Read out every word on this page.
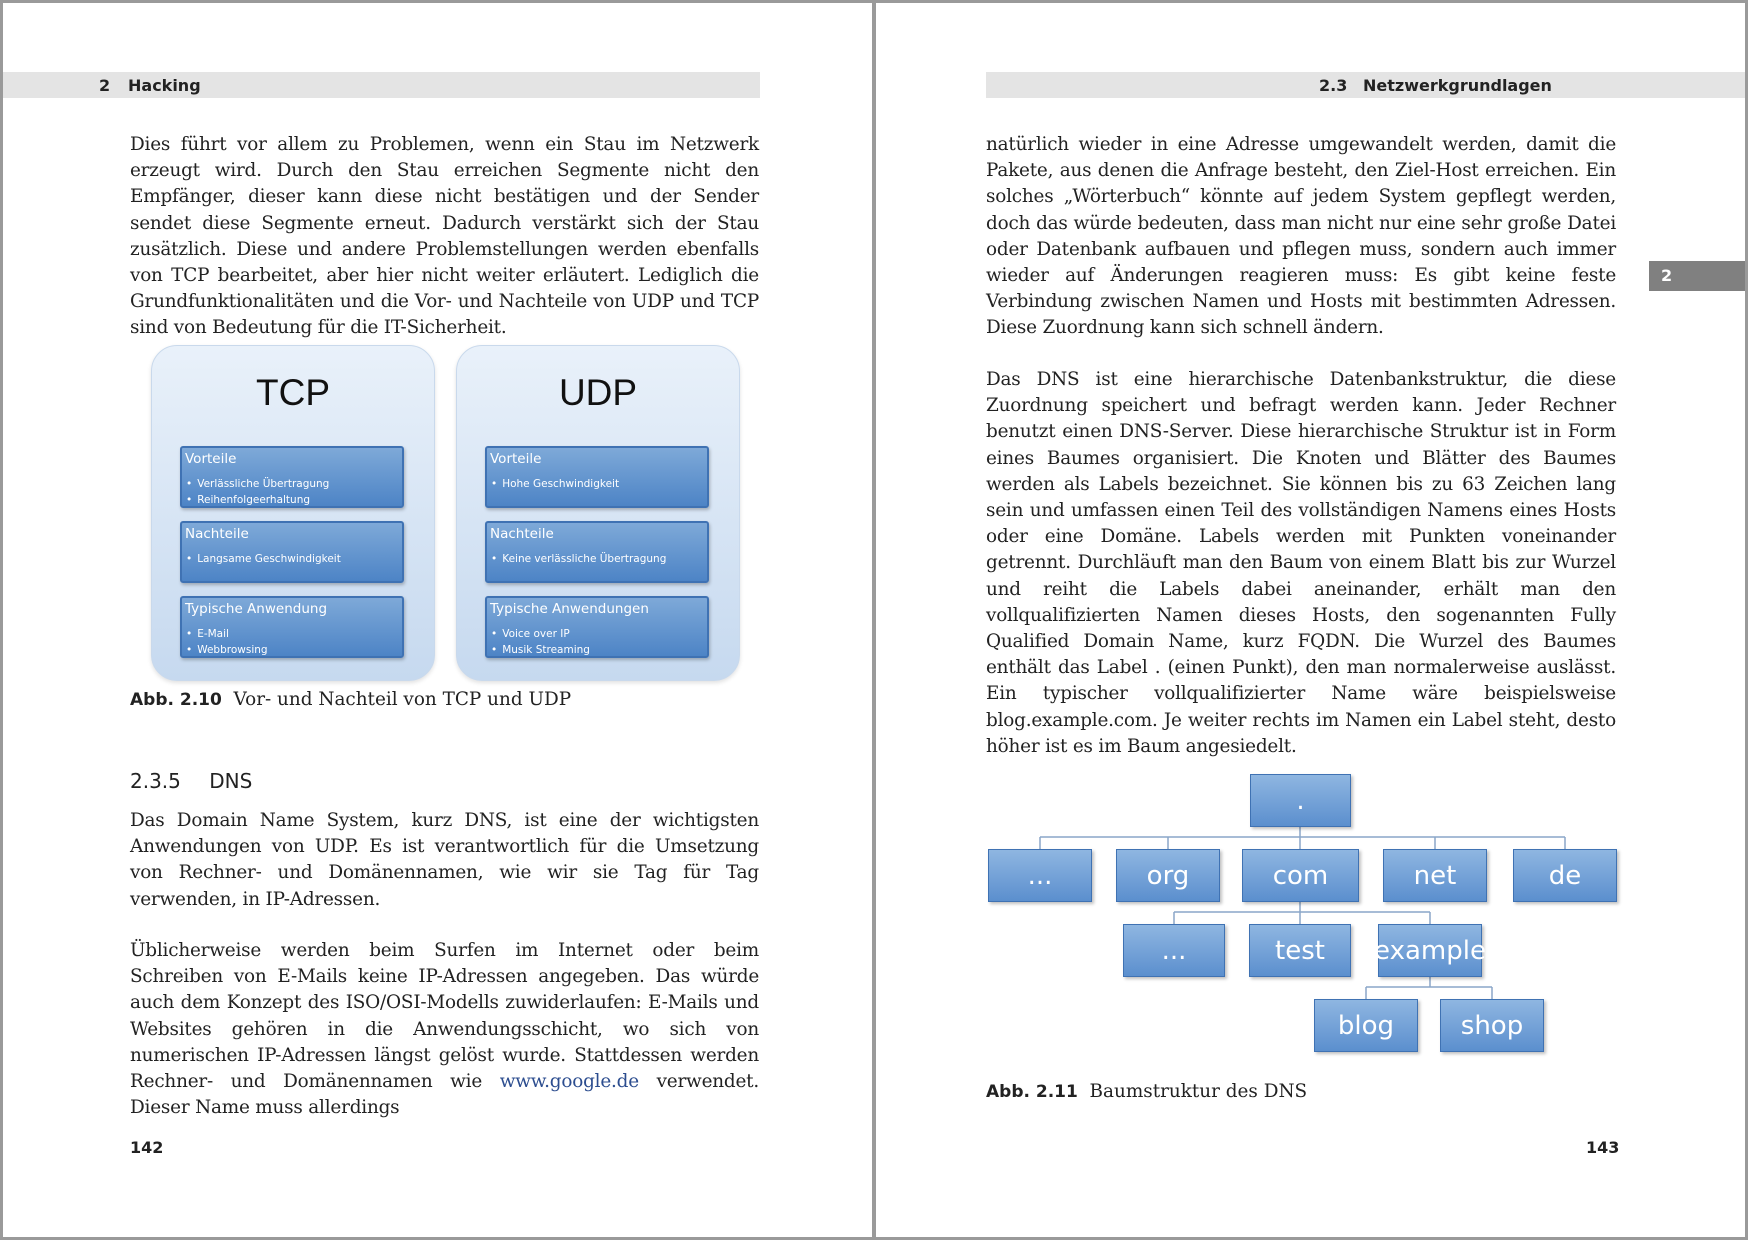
2 Hacking

Dies führt vor allem zu Problemen, wenn ein Stau im Netzwerk erzeugt wird. Durch den Stau erreichen Segmente nicht den Empfänger, dieser kann diese nicht bestätigen und der Sender sendet diese Segmente erneut. Dadurch verstärkt sich der Stau zusätzlich. Diese und andere Problemstellungen werden ebenfalls von TCP bearbeitet, aber hier nicht weiter erläutert. Lediglich die Grundfunktionalitäten und die Vor- und Nachteile von UDP und TCP sind von Bedeutung für die IT-Sicherheit.

TCP
Vorteile
• Verlässliche Übertragung
• Reihenfolgeerhaltung
Nachteile
• Langsame Geschwindigkeit
Typische Anwendung
• E-Mail
• Webbrowsing
UDP
Vorteile
• Hohe Geschwindigkeit
Nachteile
• Keine verlässliche Übertragung
Typische Anwendungen
• Voice over IP
• Musik Streaming
Abb. 2.10 Vor- und Nachteil von TCP und UDP
2.3.5 DNS

Das Domain Name System, kurz DNS, ist eine der wichtigsten Anwendungen von UDP. Es ist verantwortlich für die Umsetzung von Rechner- und Domänennamen, wie wir sie Tag für Tag verwenden, in IP-Adressen.

Üblicherweise werden beim Surfen im Internet oder beim Schreiben von E-Mails keine IP-Adressen angegeben. Das würde auch dem Konzept des ISO/OSI-Modells zuwiderlaufen: E-Mails und Websites gehören in die Anwendungsschicht, wo sich von numerischen IP-Adressen längst gelöst wurde. Stattdessen werden Rechner- und Domänennamen wie www.google.de verwendet. Dieser Name muss allerdings

142
2.3 Netzwerkgrundlagen
2

natürlich wieder in eine Adresse umgewandelt werden, damit die Pakete, aus denen die Anfrage besteht, den Ziel-Host erreichen. Ein solches „Wörterbuch“ könnte auf jedem System gepflegt werden, doch das würde bedeuten, dass man nicht nur eine sehr große Datei oder Datenbank aufbauen und pflegen muss, sondern auch immer wieder auf Änderungen reagieren muss: Es gibt keine feste Verbindung zwischen Namen und Hosts mit bestimmten Adressen. Diese Zuordnung kann sich schnell ändern.

Das DNS ist eine hierarchische Datenbankstruktur, die diese Zuordnung speichert und befragt werden kann. Jeder Rechner benutzt einen DNS-Server. Diese hierarchische Struktur ist in Form eines Baumes organisiert. Die Knoten und Blätter des Baumes werden als Labels bezeichnet. Sie können bis zu 63 Zeichen lang sein und umfassen einen Teil des vollständigen Namens eines Hosts oder eine Domäne. Labels werden mit Punkten voneinander getrennt. Durchläuft man den Baum von einem Blatt bis zur Wurzel und reiht die Labels dabei aneinander, erhält man den vollqualifizierten Namen dieses Hosts, den sogenannten Fully Qualified Domain Name, kurz FQDN. Die Wurzel des Baumes enthält das Label . (einen Punkt), den man normalerweise auslässt. Ein typischer vollqualifizierter Name wäre beispielsweise blog.example.com. Je weiter rechts im Namen ein Label steht, desto höher ist es im Baum angesiedelt.

.
...	org	com	net	de
...	test	example
blog	shop
Abb. 2.11 Baumstruktur des DNS
143
